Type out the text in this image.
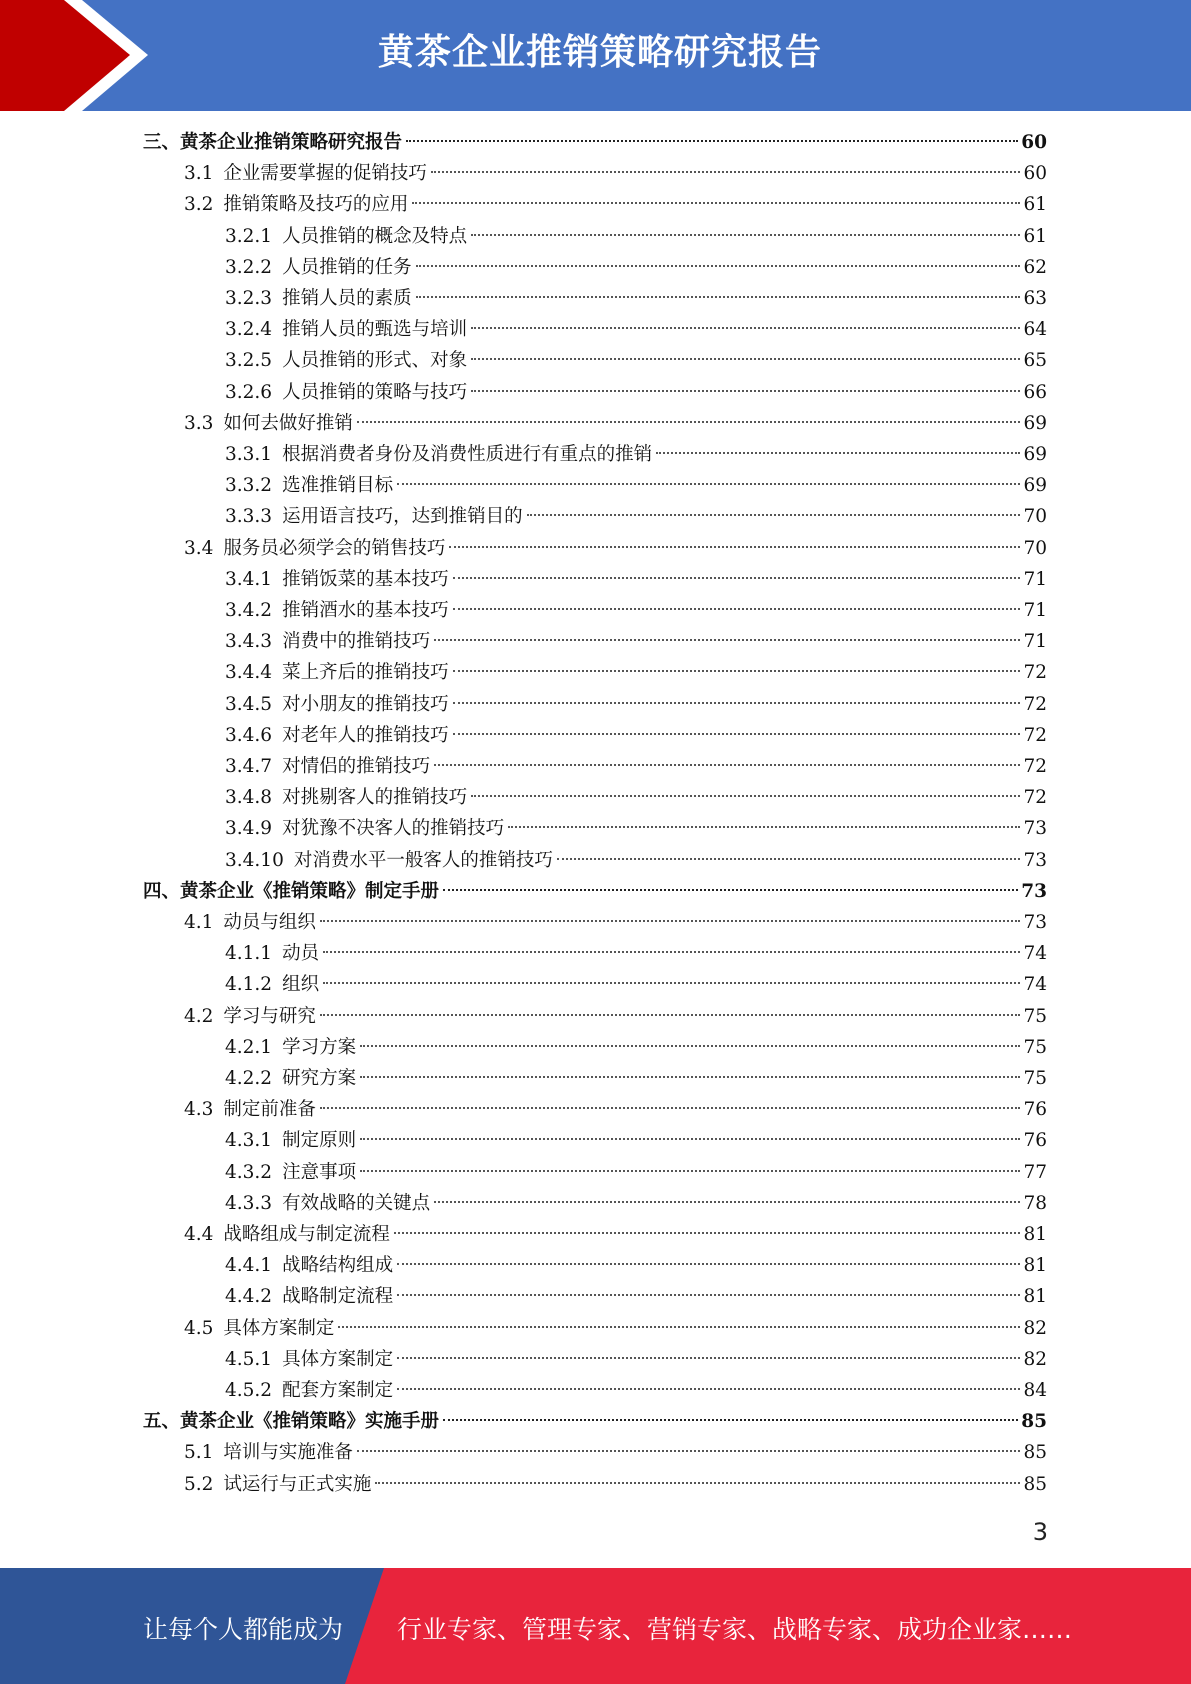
黄茶企业推销策略研究报告
三、 黄茶企业推销策略研究报告	60
3.1 企业需要掌握的促销技巧	60
3.2 推销策略及技巧的应用	61
3.2.1 人员推销的概念及特点	61
3.2.2 人员推销的任务	62
3.2.3 推销人员的素质	63
3.2.4 推销人员的甄选与培训	64
3.2.5 人员推销的形式、对象	65
3.2.6 人员推销的策略与技巧	66
3.3 如何去做好推销	69
3.3.1 根据消费者身份及消费性质进行有重点的推销	69
3.3.2 选准推销目标	69
3.3.3 运用语言技巧，达到推销目的	70
3.4 服务员必须学会的销售技巧	70
3.4.1 推销饭菜的基本技巧	71
3.4.2 推销酒水的基本技巧	71
3.4.3 消费中的推销技巧	71
3.4.4 菜上齐后的推销技巧	72
3.4.5 对小朋友的推销技巧	72
3.4.6 对老年人的推销技巧	72
3.4.7 对情侣的推销技巧	72
3.4.8 对挑剔客人的推销技巧	72
3.4.9 对犹豫不决客人的推销技巧	73
3.4.10 对消费水平一般客人的推销技巧	73
四、 黄茶企业《推销策略》制定手册	73
4.1 动员与组织	73
4.1.1 动员	74
4.1.2 组织	74
4.2 学习与研究	75
4.2.1 学习方案	75
4.2.2 研究方案	75
4.3 制定前准备	76
4.3.1 制定原则	76
4.3.2 注意事项	77
4.3.3 有效战略的关键点	78
4.4 战略组成与制定流程	81
4.4.1 战略结构组成	81
4.4.2 战略制定流程	81
4.5 具体方案制定	82
4.5.1 具体方案制定	82
4.5.2 配套方案制定	84
五、 黄茶企业《推销策略》实施手册	85
5.1 培训与实施准备	85
5.2 试运行与正式实施	85
3
让每个人都能成为 行业专家、管理专家、营销专家、战略专家、成功企业家……
